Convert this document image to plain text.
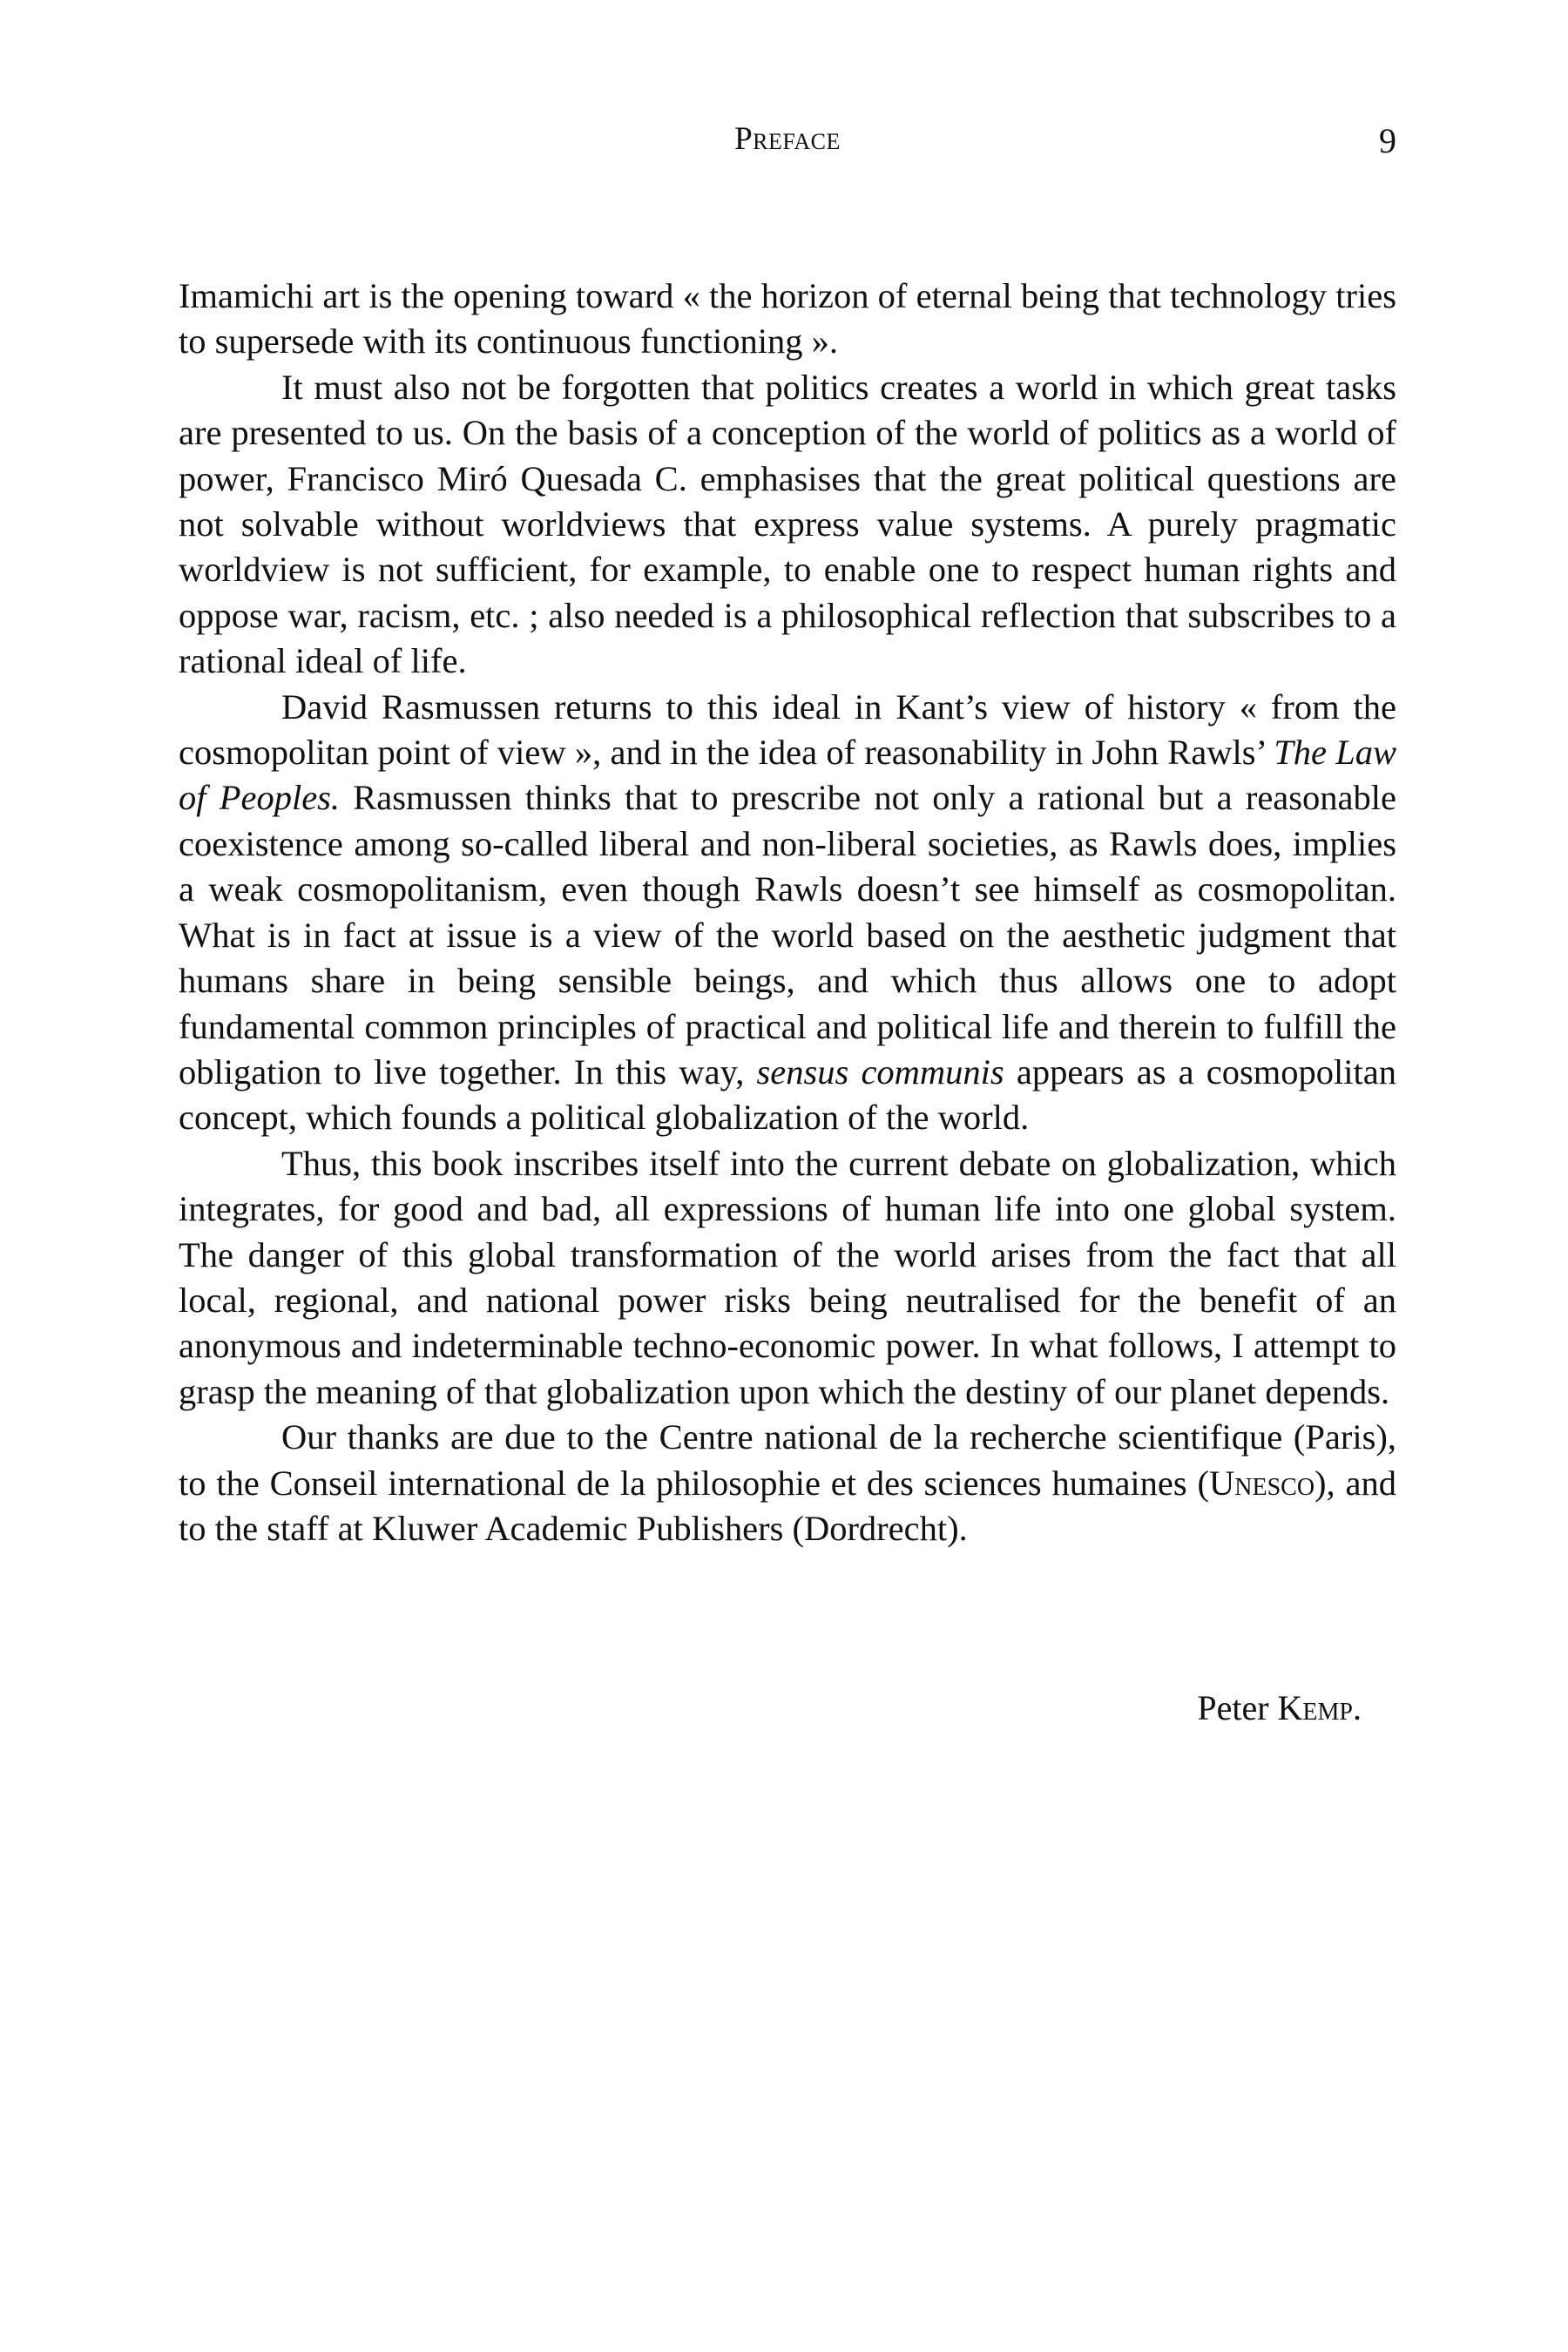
Preface	9

Imamichi art is the opening toward « the horizon of eternal being that technology tries to supersede with its continuous functioning ».

It must also not be forgotten that politics creates a world in which great tasks are presented to us. On the basis of a conception of the world of politics as a world of power, Francisco Miró Quesada C. emphasises that the great political questions are not solvable without worldviews that express value systems. A purely pragmatic worldview is not sufficient, for example, to enable one to respect human rights and oppose war, racism, etc. ; also needed is a philosophical reflection that subscribes to a rational ideal of life.

David Rasmussen returns to this ideal in Kant’s view of history « from the cosmopolitan point of view », and in the idea of reasonability in John Rawls’ The Law of Peoples. Rasmussen thinks that to prescribe not only a rational but a reasonable coexistence among so-called liberal and non-liberal societies, as Rawls does, implies a weak cosmopolitanism, even though Rawls doesn’t see himself as cosmopolitan. What is in fact at issue is a view of the world based on the aesthetic judgment that humans share in being sensible beings, and which thus allows one to adopt fundamental common principles of practical and political life and therein to fulfill the obligation to live together. In this way, sensus communis appears as a cosmopolitan concept, which founds a political globalization of the world.

Thus, this book inscribes itself into the current debate on globalization, which integrates, for good and bad, all expressions of human life into one global system. The danger of this global transformation of the world arises from the fact that all local, regional, and national power risks being neutralised for the benefit of an anonymous and indeterminable techno-economic power. In what follows, I attempt to grasp the meaning of that globalization upon which the destiny of our planet depends.

Our thanks are due to the Centre national de la recherche scientifique (Paris), to the Conseil international de la philosophie et des sciences humaines (Unesco), and to the staff at Kluwer Academic Publishers (Dordrecht).

Peter Kemp.
